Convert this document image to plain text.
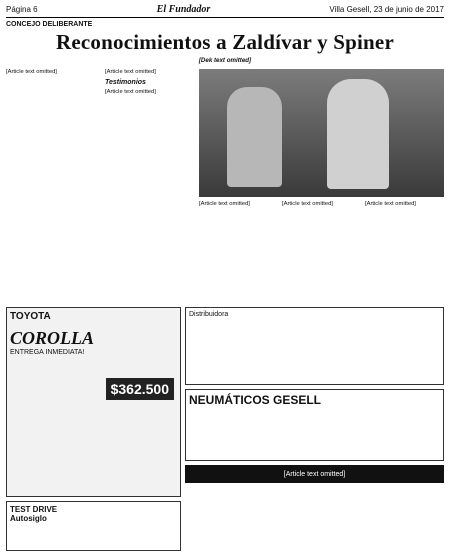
Página 6	El Fundador	Villa Gesell, 23 de junio de 2017
CONCEJO DELIBERANTE
Reconocimientos a Zaldívar y Spiner
[Dek text omitted]
[Article text omitted]	[Article text omitted]
Testimonios
[Article text omitted]
[Article text omitted]	[Article text omitted]	[Article text omitted]
TOYOTA
COROLLA
ENTREGA INMEDIATA!
$362.500
TEST DRIVE
Autosiglo
Distribuidora
NEUMÁTICOS GESELL
[Article text omitted]
